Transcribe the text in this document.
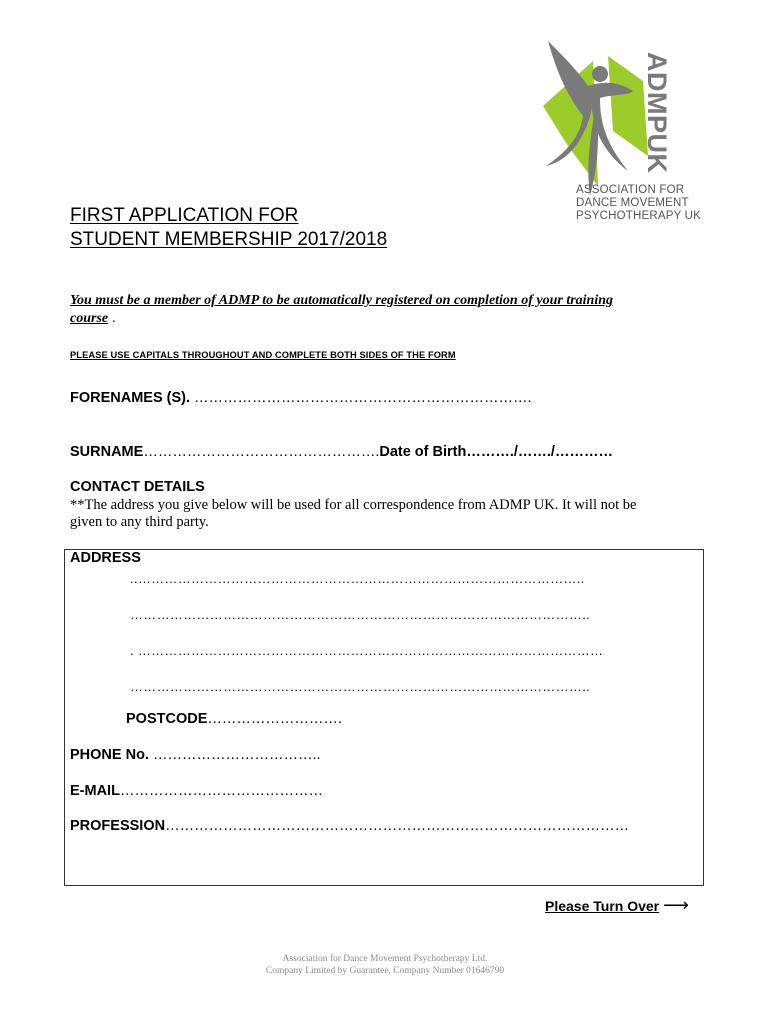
ADMPUK
ASSOCIATION FOR
DANCE MOVEMENT
PSYCHOTHERAPY UK
FIRST APPLICATION FOR
STUDENT MEMBERSHIP 2017/2018
You must be a member of ADMP to be automatically registered on completion of your training
course .
PLEASE USE CAPITALS THROUGHOUT AND COMPLETE BOTH SIDES OF THE FORM
FORENAMES (S). …………………………………………………………….
SURNAME………………………………………….Date of Birth………./……./…………
CONTACT DETAILS
**The address you give below will be used for all correspondence from ADMP UK. It will not be
given to any third party.
ADDRESS
..………………………………………………………………………………………..
…………………………………………………………………………………………..
. ……………………………………………………………………………………………
…………………………………………………………………………………………..
POSTCODE……………………….
PHONE No. ……………………………..
E-MAIL……………………………………
PROFESSION……………………………………………………………………………………
Please Turn Over ⟶
Association for Dance Movement Psychotherapy Ltd.
Company Limited by Guarantee, Company Number 01646790
